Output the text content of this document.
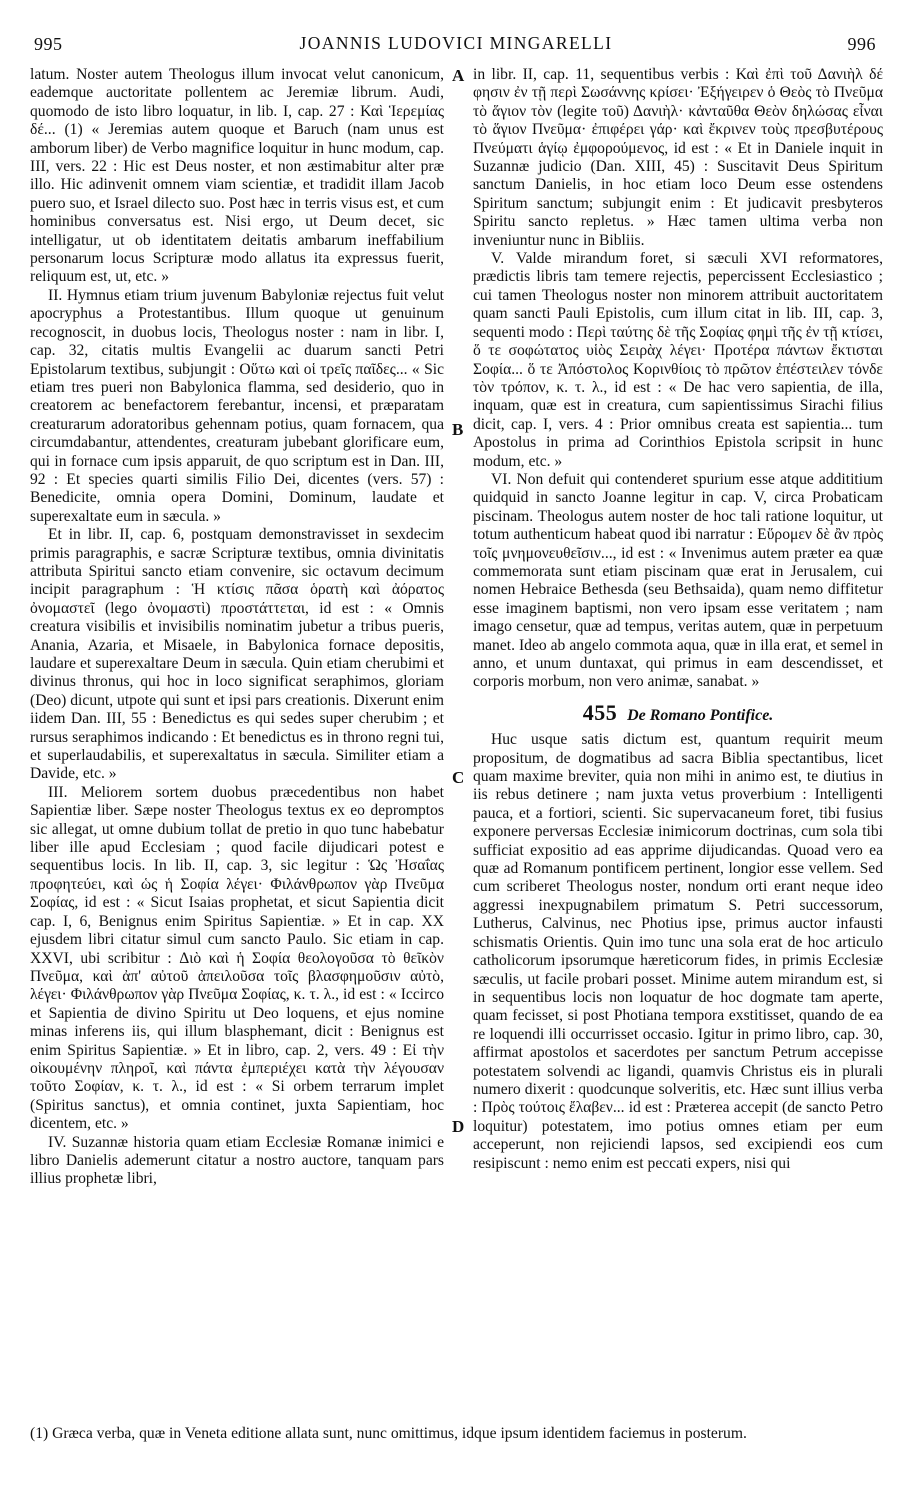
995	JOANNIS LUDOVICI MINGARELLI	996

latum. Noster autem Theologus illum invocat velut canonicum, eademque auctoritate pollentem ac Jeremiæ librum. Audi, quomodo de isto libro loquatur, in lib. I, cap. 27 : Καὶ Ἱερεμίας δέ... (1) « Jeremias autem quoque et Baruch (nam unus est amborum liber) de Verbo magnifice loquitur in hunc modum, cap. III, vers. 22 : Hic est Deus noster, et non æstimabitur alter præ illo. Hic adinvenit omnem viam scientiæ, et tradidit illam Jacob puero suo, et Israel dilecto suo. Post hæc in terris visus est, et cum hominibus conversatus est. Nisi ergo, ut Deum decet, sic intelligatur, ut ob identitatem deitatis ambarum ineffabilium personarum locus Scripturæ modo allatus ita expressus fuerit, reliquum est, ut, etc. »

II. Hymnus etiam trium juvenum Babyloniæ rejectus fuit velut apocryphus a Protestantibus. Illum quoque ut genuinum recognoscit, in duobus locis, Theologus noster : nam in libr. I, cap. 32, citatis multis Evangelii ac duarum sancti Petri Epistolarum textibus, subjungit : Οὕτω καὶ οἱ τρεῖς παῖδες... « Sic etiam tres pueri non Babylonica flamma, sed desiderio, quo in creatorem ac benefactorem ferebantur, incensi, et præparatam creaturarum adoratoribus gehennam potius, quam fornacem, qua circumdabantur, attendentes, creaturam jubebant glorificare eum, qui in fornace cum ipsis apparuit, de quo scriptum est in Dan. III, 92 : Et species quarti similis Filio Dei, dicentes (vers. 57) : Benedicite, omnia opera Domini, Dominum, laudate et superexaltate eum in sæcula. »

Et in libr. II, cap. 6, postquam demonstravisset in sexdecim primis paragraphis, e sacræ Scripturæ textibus, omnia divinitatis attributa Spiritui sancto etiam convenire, sic octavum decimum incipit paragraphum : Ἡ κτίσις πᾶσα ὁρατὴ καὶ ἀόρατος ὀνομαστεῖ (lego ὀνομαστὶ) προστάττεται, id est : « Omnis creatura visibilis et invisibilis nominatim jubetur a tribus pueris, Anania, Azaria, et Misaele, in Babylonica fornace depositis, laudare et superexaltare Deum in sæcula. Quin etiam cherubimi et divinus thronus, qui hoc in loco significat seraphimos, gloriam (Deo) dicunt, utpote qui sunt et ipsi pars creationis. Dixerunt enim iidem Dan. III, 55 : Benedictus es qui sedes super cherubim ; et rursus seraphimos indicando : Et benedictus es in throno regni tui, et superlaudabilis, et superexaltatus in sæcula. Similiter etiam a Davide, etc. »

III. Meliorem sortem duobus præcedentibus non habet Sapientiæ liber. Sæpe noster Theologus textus ex eo depromptos sic allegat, ut omne dubium tollat de pretio in quo tunc habebatur liber ille apud Ecclesiam ; quod facile dijudicari potest e sequentibus locis. In lib. II, cap. 3, sic legitur : Ὡς Ἠσαΐας προφητεύει, καὶ ὡς ἡ Σοφία λέγει· Φιλάνθρωπον γὰρ Πνεῦμα Σοφίας, id est : « Sicut Isaias prophetat, et sicut Sapientia dicit cap. I, 6, Benignus enim Spiritus Sapientiæ. » Et in cap. XX ejusdem libri citatur simul cum sancto Paulo. Sic etiam in cap. XXVI, ubi scribitur : Διὸ καὶ ἡ Σοφία θεολογοῦσα τὸ θεῖκὸν Πνεῦμα, καὶ ἀπ' αὐτοῦ ἀπειλοῦσα τοῖς βλασφημοῦσιν αὐτὸ, λέγει· Φιλάνθρωπον γὰρ Πνεῦμα Σοφίας, κ. τ. λ., id est : « Iccirco et Sapientia de divino Spiritu ut Deo loquens, et ejus nomine minas inferens iis, qui illum blasphemant, dicit : Benignus est enim Spiritus Sapientiæ. » Et in libro, cap. 2, vers. 49 : Εἰ τὴν οἰκουμένην πληροῖ, καὶ πάντα ἐμπεριέχει κατὰ τὴν λέγουσαν τοῦτο Σοφίαν, κ. τ. λ., id est : « Si orbem terrarum implet (Spiritus sanctus), et omnia continet, juxta Sapientiam, hoc dicentem, etc. »

IV. Suzannæ historia quam etiam Ecclesiæ Romanæ inimici e libro Danielis ademerunt citatur a nostro auctore, tanquam pars illius prophetæ libri,

A
B
C
D

in libr. II, cap. 11, sequentibus verbis : Καὶ ἐπὶ τοῦ Δανιὴλ δέ φησιν ἐν τῇ περὶ Σωσάννης κρίσει· Ἐξήγειρεν ὁ Θεὸς τὸ Πνεῦμα τὸ ἅγιον τὸν (legite τοῦ) Δανιὴλ· κἀνταῦθα Θεὸν δηλώσας εἶναι τὸ ἅγιον Πνεῦμα· ἐπιφέρει γάρ· καὶ ἔκρινεν τοὺς πρεσβυτέρους Πνεύματι ἁγίῳ ἐμφορούμενος, id est : « Et in Daniele inquit in Suzannæ judicio (Dan. XIII, 45) : Suscitavit Deus Spiritum sanctum Danielis, in hoc etiam loco Deum esse ostendens Spiritum sanctum; subjungit enim : Et judicavit presbyteros Spiritu sancto repletus. » Hæc tamen ultima verba non inveniuntur nunc in Bibliis.

V. Valde mirandum foret, si sæculi XVI reformatores, prædictis libris tam temere rejectis, pepercissent Ecclesiastico ; cui tamen Theologus noster non minorem attribuit auctoritatem quam sancti Pauli Epistolis, cum illum citat in lib. III, cap. 3, sequenti modo : Περὶ ταύτης δὲ τῆς Σοφίας φημὶ τῆς ἐν τῇ κτίσει, ὅ τε σοφώτατος υἱὸς Σειρὰχ λέγει· Προτέρα πάντων ἔκτισται Σοφία... ὅ τε Ἀπόστολος Κορινθίοις τὸ πρῶτον ἐπέστειλεν τόνδε τὸν τρόπον, κ. τ. λ., id est : « De hac vero sapientia, de illa, inquam, quæ est in creatura, cum sapientissimus Sirachi filius dicit, cap. I, vers. 4 : Prior omnibus creata est sapientia... tum Apostolus in prima ad Corinthios Epistola scripsit in hunc modum, etc. »

VI. Non defuit qui contenderet spurium esse atque addititium quidquid in sancto Joanne legitur in cap. V, circa Probaticam piscinam. Theologus autem noster de hoc tali ratione loquitur, ut totum authenticum habeat quod ibi narratur : Εὕρομεν δὲ ἂν πρὸς τοῖς μνημονευθεῖσιν..., id est : « Invenimus autem præter ea quæ commemorata sunt etiam piscinam quæ erat in Jerusalem, cui nomen Hebraice Bethesda (seu Bethsaida), quam nemo diffitetur esse imaginem baptismi, non vero ipsam esse veritatem ; nam imago censetur, quæ ad tempus, veritas autem, quæ in perpetuum manet. Ideo ab angelo commota aqua, quæ in illa erat, et semel in anno, et unum duntaxat, qui primus in eam descendisset, et corporis morbum, non vero animæ, sanabat. »

455 De Romano Pontifice.

Huc usque satis dictum est, quantum requirit meum propositum, de dogmatibus ad sacra Biblia spectantibus, licet quam maxime breviter, quia non mihi in animo est, te diutius in iis rebus detinere ; nam juxta vetus proverbium : Intelligenti pauca, et a fortiori, scienti. Sic supervacaneum foret, tibi fusius exponere perversas Ecclesiæ inimicorum doctrinas, cum sola tibi sufficiat expositio ad eas apprime dijudicandas. Quoad vero ea quæ ad Romanum pontificem pertinent, longior esse vellem. Sed cum scriberet Theologus noster, nondum orti erant neque ideo aggressi inexpugnabilem primatum S. Petri successorum, Lutherus, Calvinus, nec Photius ipse, primus auctor infausti schismatis Orientis. Quin imo tunc una sola erat de hoc articulo catholicorum ipsorumque hæreticorum fides, in primis Ecclesiæ sæculis, ut facile probari posset. Minime autem mirandum est, si in sequentibus locis non loquatur de hoc dogmate tam aperte, quam fecisset, si post Photiana tempora exstitisset, quando de ea re loquendi illi occurrisset occasio. Igitur in primo libro, cap. 30, affirmat apostolos et sacerdotes per sanctum Petrum accepisse potestatem solvendi ac ligandi, quamvis Christus eis in plurali numero dixerit : quodcunque solveritis, etc. Hæc sunt illius verba : Πρὸς τούτοις ἔλαβεν... id est : Præterea accepit (de sancto Petro loquitur) potestatem, imo potius omnes etiam per eum acceperunt, non rejiciendi lapsos, sed excipiendi eos cum resipiscunt : nemo enim est peccati expers, nisi qui

(1) Græca verba, quæ in Veneta editione allata sunt, nunc omittimus, idque ipsum identidem faciemus in posterum.
